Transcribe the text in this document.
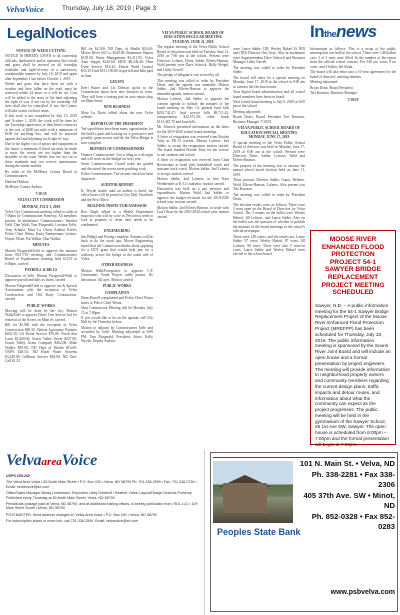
VelvaVoice	Thursday, July 18, 2019 | Page 3
LegalNotices

NOTICE OF WEED CUTTING

NOTICE IS HEREBY GIVEN to all ownership officials, landowners and/or operators that weeds and grass shall be mowed on all township roadsides and right-of-ways in a satisfactory workmanlike manner by July 18, 2019 and again after September 1 but before October 1, 2019.

Weeds and grass that have been cut with a swather and have fallen on the road, must be removed within 24 hours or it will be cut. Cost will be added to the taxes of the land adjoining the right of way if not cut by the township. All trees shall also be controlled. If not, the County will take action on those areas.

If this work is not completed by July 15, 2019 and October 1, 2019, the work will be done by the Township supervisors or their hired contractor at the cost of $200 per mile with a minimum of $100 for anything less, and will be assessed against the land adjoining such right-of-way.

Due to the higher cost of sprays and equipment in the future, a minimum if hired out must be made to mow the weeds are not higher than the shoulder of the road. Weeds that are not cut to these standards may not receive maintenance during the winter months.

By order of the McHenry County Board of Commissioners

Darlene Hudson

McHenry County Auditor

7/18-19

VELVA CITY COMMISSION

MONDAY, JULY 1, 2019

Velva City Commission meeting called to order at 7:00pm by Commissioner Pomeroy, All members present. In attendance: Commissioners: Jennifer Gehl, Dan Wahl, Tom Fitzgerald, Lorraine Erfle, Tony Schultz, Mary Lu Olsen, Auditor Kiefer, Police Chief Wentz, Karla Zimmerman; visitors: Wayne Olsen, Pat Walker, Dan Walker.

MINUTES

Motion Fitzgerald/Gehl to approve the minutes from 06/17/19 meeting and Commissioners Board of Equalization meeting held 6/3/19 at 6:00pm, carried.

PAYROLL & BILLS

Discussion of bills. Motion Fitzgerald/Wahl to approve payroll and bills as listed, carried.

Motion Fitzgerald/Gehl to approve tax & Special Assessments with the exception of Velva Construction and Old Dairy Construction, carried.

PUBLIC WORKS

Mowing will be done by the city. Motion Wahl/Erfle to approve Davis Tree Service bid for removal of the 8 trees on Main St, carried.

Bill for $2,500 with the exception of Velva Construction $60.30; Dakota Agronomy Partners $492.50; US Postal Service $70.00; North Star Lawn $3,400.00; Souris Valley Sewer $227.00; Souris Valley Grain Company $462.00; Mike Walker $95.00; ND Dept of Health $16.00; NAPA $28.54; ND Rural Water Systems $3,240.00; Gellhaus Service $82.90; ND One-Call $1.53.

Bill for $2,500; ND Dept. of Health $16.40; Moose River Oil Co. $540.00; Bruemmer Sharon $159.00; Waste Management $3,211.95; Velva Auto Supply $210.60; MDU $8,246.26; Heat Farm Service $18.22; Prairie Weed Control $33.35 Total $131,190.06 in payroll and bills paid in June.

GUESTS

Kerri Bauer and Liz Dobson spoke to the Commission about their new business in town. They will have a seating pad on auto repair shop on Main Street.

NEW BUSINESS

Mary Lu Davis talked about the new Velva website.

REPORTS OF THE PRESIDENT

Ted stated there have been many opportunities for the build a park and looking for a good price and possibly grant money and the the Velva Bridge is now complete.

REPORTS OF COMMISSIONERS

Finance Commissioner: Got a filing in with signs and will work on the budget for next year.

Street Commissioner: Gravel roads are graded and discussed the recent street patching work.

Police Commissioner: The second check has been dispersed.

AUDITOR REPORT

K. Wyche stated, until an auditor is hired, the office hours will be posted at City Hall, Facebook and the Post Office.

BUILDING INSPECTOR/ASSESSOR

Ron Nagle talked to a Health Department inspector who will try to be in Velva next week to look at property to clean their needs to be condemned.

ENGINEERING

Jim Bilbija and Paving complete. Painters will be back to do the touch ups. Moore Engineering stated that the Commission thinks about applying for a DOT grant that would help pay for a walkway across the bridge to the south side of Velva.

OTHER BUSINESS

Motion Wahl/Fotopoulos to approve C.P. Community Youth Project raffle permit. No discussion. All ayes. Motion carried.

PUBLIC WORKS

COMPLAINTS

Dean Dorrell complained and Police Chief Wentz states to Police Chief Wentz.

Next Commission Meeting will be Monday, July 15 at 7:00pm.

If you would like to be on the agenda, call City Hall by the Thursday before.

Motion to adjourn by Commissioner Erfle and seconded by Gehl. Meeting adjourned at 8:08 PM. Tom Fitzgerald, President, Attest: Kelly Wyche, Deputy Auditor.

VELVA PUBLIC SCHOOL BOARD OF EDUCATION REGULAR MEETING TUESDAY, JUNE 11, 2019

The regular meeting of the Velva Public School Board of education was held on Tuesday, June 11, 2019 at 7:00 pm at the school. Present were Directors Lofness, Deais, Sabbe, Efferts-Hanson, Wald present were Dave Schrock, Holly Weigel, and Libby Gerrell.

The pledge of allegiance was recited by all.

This meeting was called to order by President Deais, and the agenda was amended. Motion Sabbe, 2nd Efferts-Hanson to approve the amended agenda, motion carried.

Motion Lofness, 2nd Sabbe, to approve the consent agenda to include the minutes of the board meeting on May 14, general fund bills $293,742.47; food service bills $9,711.42; transportation $24,573.49; other funds $113,467.70 and June bills.

Mr. Schrock presented information on the dates for the 2019-2020 school board meetings.

A letter of resignation was received from Brooke Tuhy as PK-12 teacher. Motion Lofness, 2nd Sabbe, to accept the resignation, motion carried. The board thanked Brooke Tuhy for her service to our students and school.

A letter of resignation was received from Chad Rosencranz as head girls basketball coach and assistant track coach. Motion Sabbe, 2nd Lofness to accept, motion carried.

Motion Sabbe, 2nd Lofness, to hire Kara Weinbender as K-12 counselor, motion carried.

Discussion was held on a pay increase and expenditures. Motion Wald, 2nd Sabbe, to approve the budget revisions for the 2019-2020 school year, motion carried.

Motion Sabbe, 2nd Efferts-Hanson, to settle with Lisa Olson for the 2019-2020 school year, motion carried.

were Lance Sabbe, DD, Wesley Haberl (§ ND) and (ND) Director Otis Gray. Also in attendance were Superintendent Dave Schrock and Business Manager Libby Gerrell.

The meeting was called to order by President Sabbe.

The board will meet for a special meeting on Monday, June 17, 2019 at the school at 8:00 am to canvass the election returns.

Your digital board administration and all school board members have been on board.

Next school board meeting is July 9, 2019 at 6:00 pm at the school.

Meeting adjourned.

Bryan Deais, Board President Teri Knutson, Business Manager 7/18/19

VELVA PUBLIC SCHOOL BOARD OF EDUCATION SPECIAL MEETING MONDAY, JUNE 17, 2019

A special meeting of the Velva Public School Board of directors was held on Monday, June 17, 2019 at 8:00 am at the school. Present were Directors Deais, Sabbe, Lofness, Wald and Efferts-Hanson.

The purpose of the meeting was to canvass the annual school board election held on June 11, 2019.

Those present: Director Sabbe, Gauzi, Hellmer, Wald, Efferts-Hanson, Lofness. Also present was Teri Knutson.

The meeting was called to order by President Deais.

The election results were as follows: There were 3 seats open on the Board of Directors for Velva School. The 3 names on the ballot were Wesley Haberl, Jill Lofness, and Lance Sabbe. Also on the ballot was the question of whether to publish the minutes of the board meetings in the school's official newspaper.

There were 148 voters, and the results are: Lance Sabbe, 97 votes; Wesley Haberl, 87 votes; Jill Lofness, 90 votes. There were also 5 write-in votes. Lance Sabbe and Wesley Haberl were elected to the school board.

Inthenews

Information as follows: This is a recap of the public meeting that was held at the school. There were 148 ballots cast; 3 of 3 seats were filled. In the number of the report from the official school canvass: For 140 yes votes, 8 no votes, and 4 ballots left blank.

The board will also enter into a 10-year agreement for the board of directors' meeting minutes.

Meeting adjourned.

Bryan Deais, Board President

Teri Knutson, Business Manager

7/18/19

MOOSE RIVER ENHANCED FLOOD PROTECTION PROJECT 54-1 SAWYER BRIDGE REPLACEMENT PROJECT MEETING SCHEDULED
Sawyer, N.D. – A public information meeting for the 54-1 Sawyer Bridge Replacement Project of the Moose River Enhanced Flood Protection Project (MREFPP) has been scheduled for Thursday, July 18, 2019. The public information meeting is sponsored by the Souris River Joint Board and will include an open house and a formal presentation by project engineers. The meeting will provide information to neighborhood property owners and community members regarding the current design plans, traffic impacts and detour routes, and information about what the community can expect as the project progresses. The public meeting will be held in the gymnasium of the Sawyer School, 25 1st Ave SW, Sawyer. The open house is scheduled from 6:00pm – 7:00pm and the formal presentation will begin at 7:00pm.
VelvaareaVoice

USPS 659-260

The Velva Area Voice • 83 North Main Street • P.O. Box 430 • Velva, ND 58790 Ph: 701-338-2599 • Fax: 701-338-2730 • Email: velvavoice@srt.com

Office/Sales Manager Becky Lindemann; Reporters Libby Dimitroff / Heather Yates; Layout/Design DeAnna Pomeroy Published every Thursday at 83 North Main Street, Velva, ND 58790.

Periodicals postage paid at Velva, ND 58790, and at additional mailing offices. A weekly publication from: RDL LLC • 109 Main Street South • Minot, ND 58790

POSTMASTER: Send address changes to: Velva Area Voice • P.O. Box 430 • Velva, ND 58790

For subscription prices or more info, call 701-338-2599. Email: velvavoice@srt.com

101 N. Main St. • Velva, ND
Ph. 338-2281 • Fax 338-2306
405 37th Ave. SW • Minot, ND
Ph. 852-0328 • Fax 852-0283
Peoples State Bank
www.psbvelva.com
